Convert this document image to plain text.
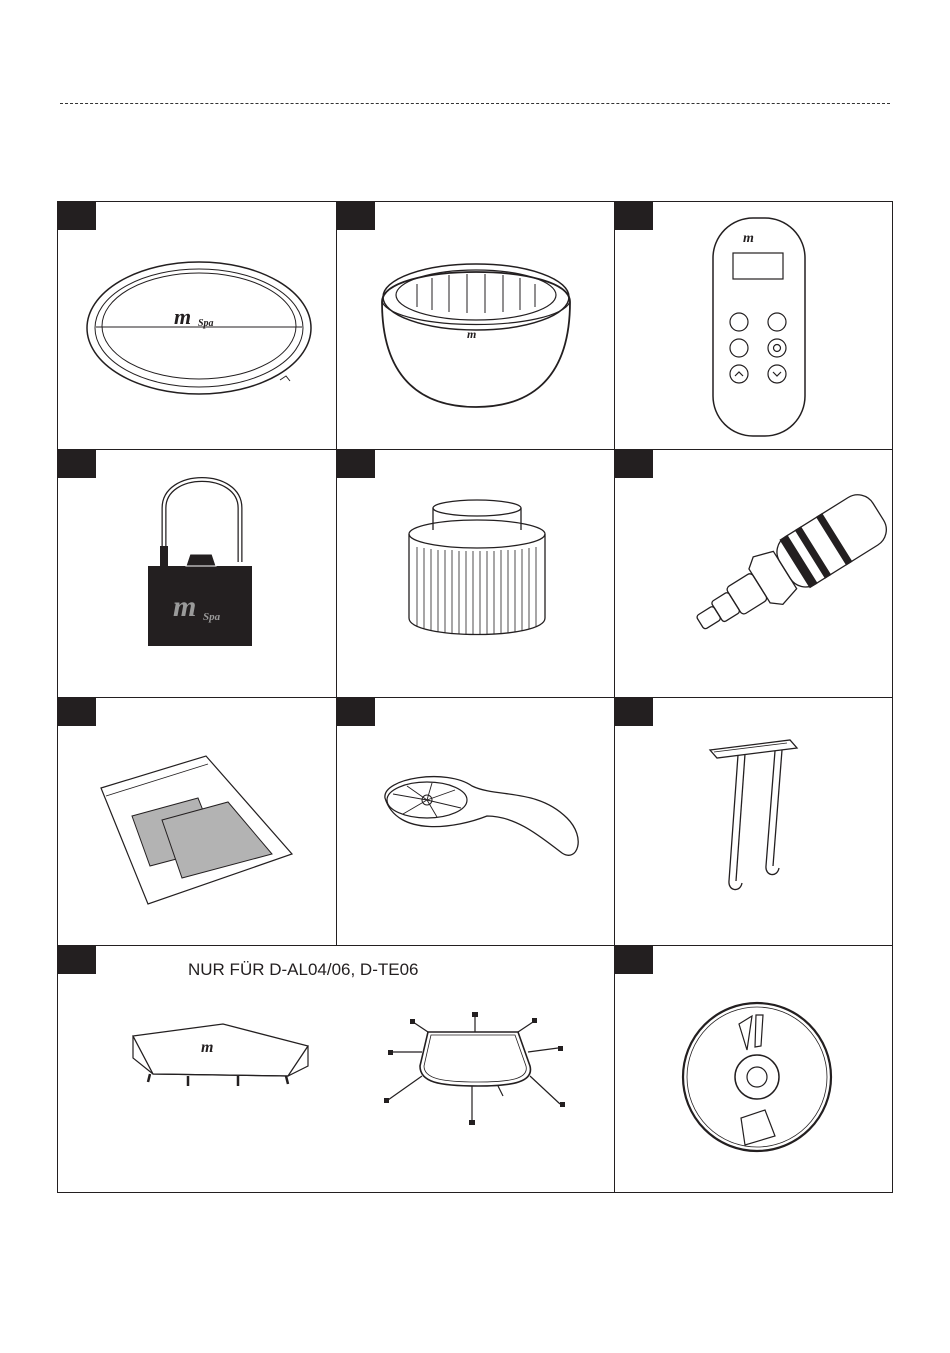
m Spa
m
m
m Spa
NUR FÜR D-AL04/06, D-TE06
m
